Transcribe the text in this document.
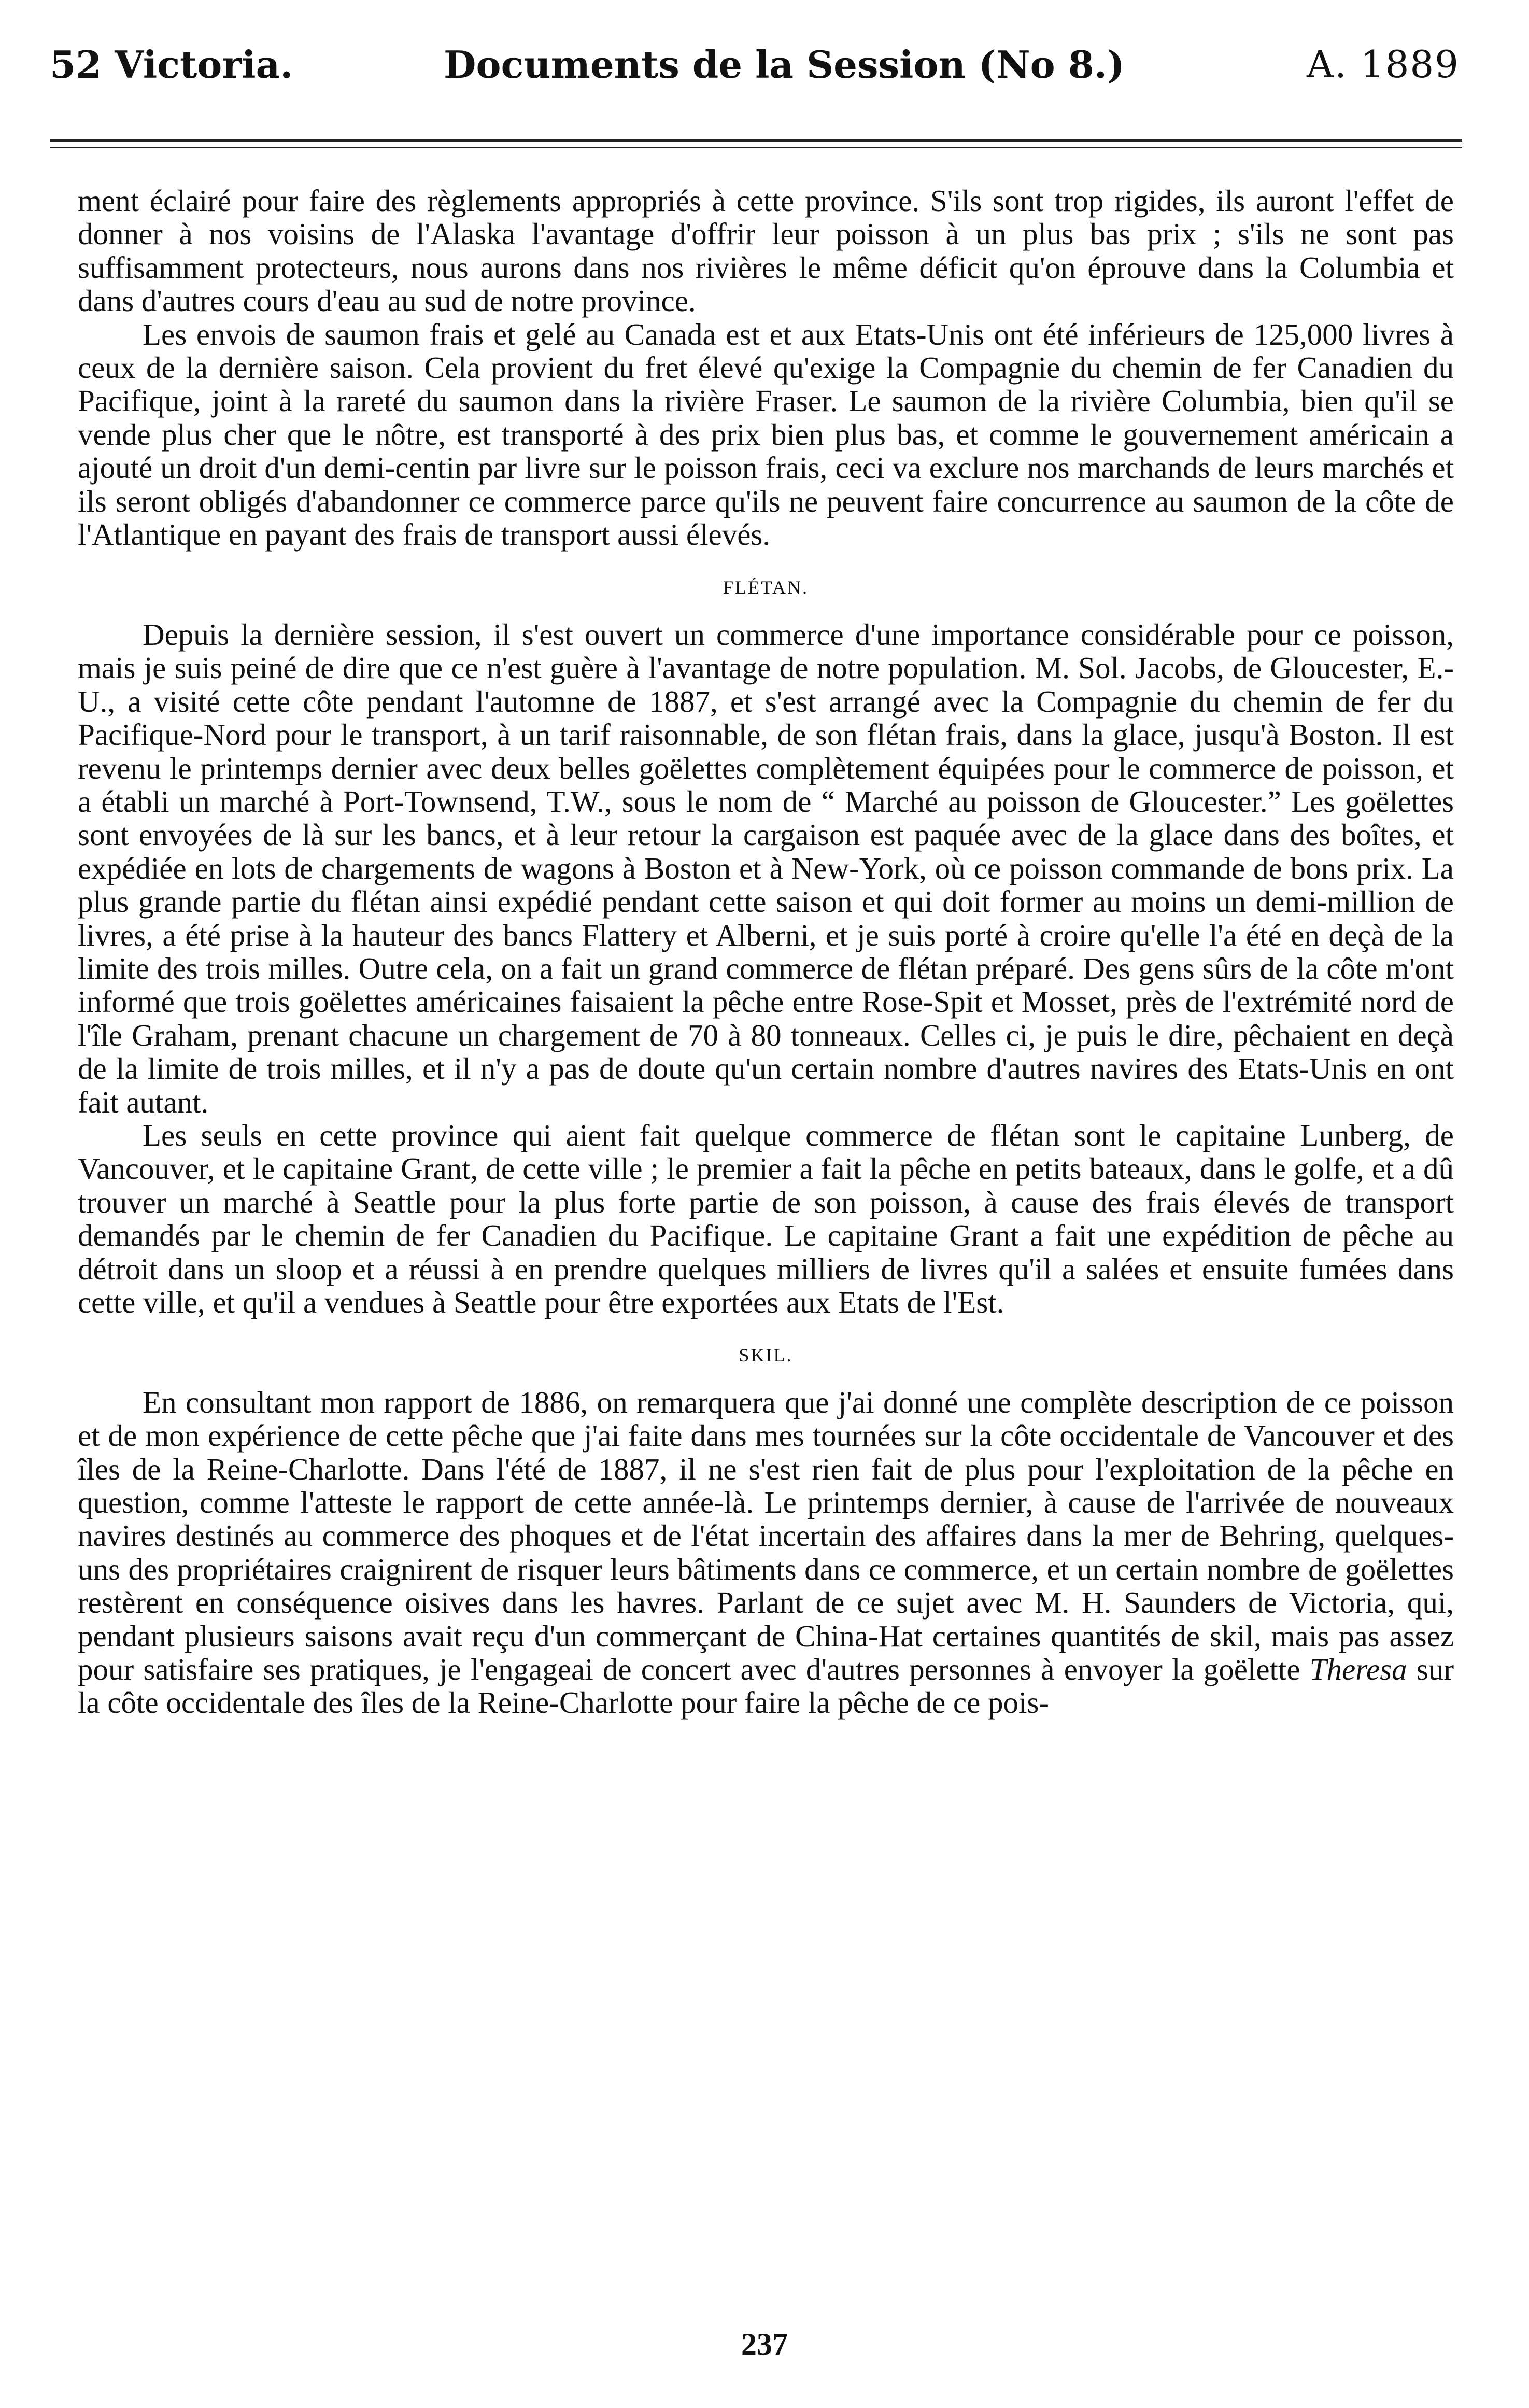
52 Victoria.	Documents de la Session (No 8.)	A. 1889

ment éclairé pour faire des règlements appropriés à cette province. S'ils sont trop rigides, ils auront l'effet de donner à nos voisins de l'Alaska l'avantage d'offrir leur poisson à un plus bas prix ; s'ils ne sont pas suffisamment protecteurs, nous aurons dans nos rivières le même déficit qu'on éprouve dans la Columbia et dans d'autres cours d'eau au sud de notre province.

Les envois de saumon frais et gelé au Canada est et aux Etats-Unis ont été inférieurs de 125,000 livres à ceux de la dernière saison. Cela provient du fret élevé qu'exige la Compagnie du chemin de fer Canadien du Pacifique, joint à la rareté du saumon dans la rivière Fraser. Le saumon de la rivière Columbia, bien qu'il se vende plus cher que le nôtre, est transporté à des prix bien plus bas, et comme le gouvernement américain a ajouté un droit d'un demi-centin par livre sur le poisson frais, ceci va exclure nos marchands de leurs marchés et ils seront obligés d'abandonner ce commerce parce qu'ils ne peuvent faire concurrence au saumon de la côte de l'Atlantique en payant des frais de transport aussi élevés.

FLÉTAN.

Depuis la dernière session, il s'est ouvert un commerce d'une importance considérable pour ce poisson, mais je suis peiné de dire que ce n'est guère à l'avantage de notre population. M. Sol. Jacobs, de Gloucester, E.-U., a visité cette côte pendant l'automne de 1887, et s'est arrangé avec la Compagnie du chemin de fer du Pacifique-Nord pour le transport, à un tarif raisonnable, de son flétan frais, dans la glace, jusqu'à Boston. Il est revenu le printemps dernier avec deux belles goëlettes complètement équipées pour le commerce de poisson, et a établi un marché à Port-Townsend, T.W., sous le nom de “ Marché au poisson de Gloucester.” Les goëlettes sont envoyées de là sur les bancs, et à leur retour la cargaison est paquée avec de la glace dans des boîtes, et expédiée en lots de chargements de wagons à Boston et à New-York, où ce poisson commande de bons prix. La plus grande partie du flétan ainsi expédié pendant cette saison et qui doit former au moins un demi-million de livres, a été prise à la hauteur des bancs Flattery et Alberni, et je suis porté à croire qu'elle l'a été en deçà de la limite des trois milles. Outre cela, on a fait un grand commerce de flétan préparé. Des gens sûrs de la côte m'ont informé que trois goëlettes américaines faisaient la pêche entre Rose-Spit et Mosset, près de l'extrémité nord de l'île Graham, prenant chacune un chargement de 70 à 80 tonneaux. Celles ci, je puis le dire, pêchaient en deçà de la limite de trois milles, et il n'y a pas de doute qu'un certain nombre d'autres navires des Etats-Unis en ont fait autant.

Les seuls en cette province qui aient fait quelque commerce de flétan sont le capitaine Lunberg, de Vancouver, et le capitaine Grant, de cette ville ; le premier a fait la pêche en petits bateaux, dans le golfe, et a dû trouver un marché à Seattle pour la plus forte partie de son poisson, à cause des frais élevés de transport demandés par le chemin de fer Canadien du Pacifique. Le capitaine Grant a fait une expédition de pêche au détroit dans un sloop et a réussi à en prendre quelques milliers de livres qu'il a salées et ensuite fumées dans cette ville, et qu'il a vendues à Seattle pour être exportées aux Etats de l'Est.

SKIL.

En consultant mon rapport de 1886, on remarquera que j'ai donné une complète description de ce poisson et de mon expérience de cette pêche que j'ai faite dans mes tournées sur la côte occidentale de Vancouver et des îles de la Reine-Charlotte. Dans l'été de 1887, il ne s'est rien fait de plus pour l'exploitation de la pêche en question, comme l'atteste le rapport de cette année-là. Le printemps dernier, à cause de l'arrivée de nouveaux navires destinés au commerce des phoques et de l'état incertain des affaires dans la mer de Behring, quelques-uns des propriétaires craignirent de risquer leurs bâtiments dans ce commerce, et un certain nombre de goëlettes restèrent en conséquence oisives dans les havres. Parlant de ce sujet avec M. H. Saunders de Victoria, qui, pendant plusieurs saisons avait reçu d'un commerçant de China-Hat certaines quantités de skil, mais pas assez pour satisfaire ses pratiques, je l'engageai de concert avec d'autres personnes à envoyer la goëlette Theresa sur la côte occidentale des îles de la Reine-Charlotte pour faire la pêche de ce pois-

237
